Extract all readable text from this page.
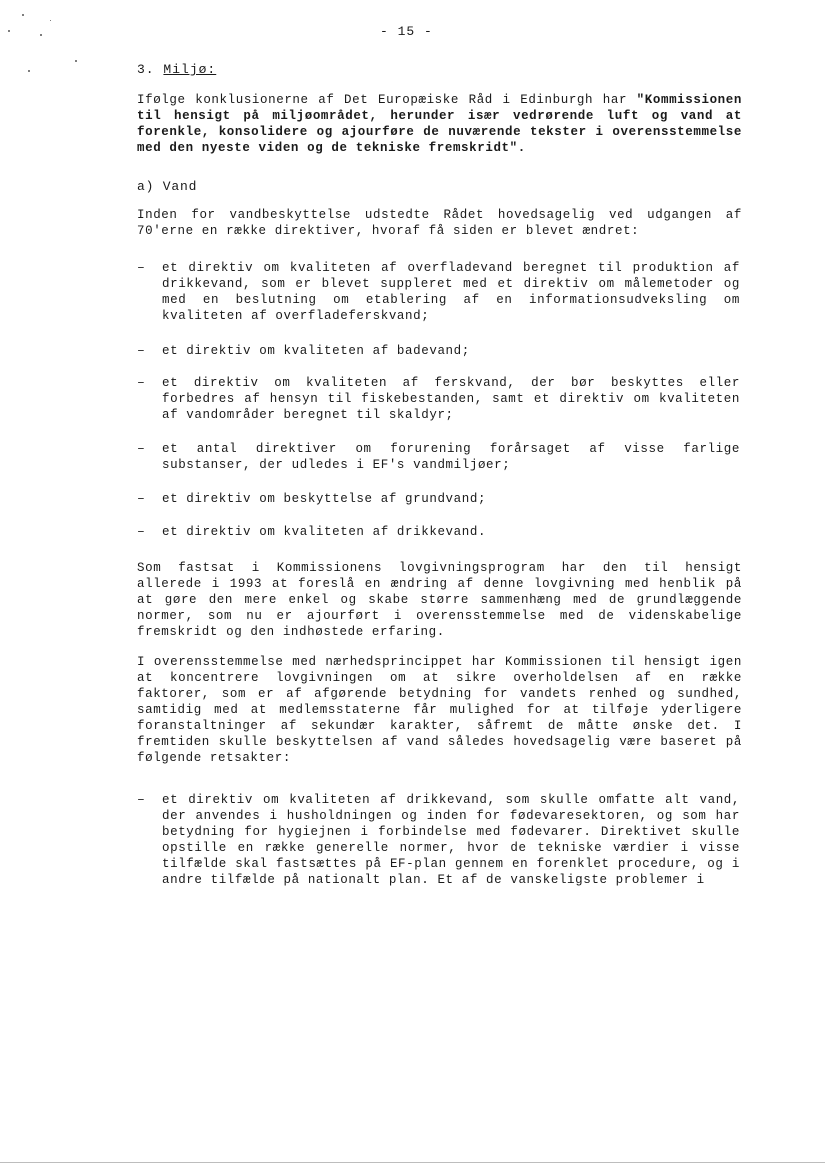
- 15 -
3. Miljø:
Ifølge konklusionerne af Det Europæiske Råd i Edinburgh har "Kommissionen til hensigt på miljøområdet, herunder især vedrørende luft og vand at forenkle, konsolidere og ajourføre de nuværende tekster i overensstemmelse med den nyeste viden og de tekniske fremskridt".
a) Vand
Inden for vandbeskyttelse udstedte Rådet hovedsagelig ved udgangen af 70'erne en række direktiver, hvoraf få siden er blevet ændret:
– et direktiv om kvaliteten af overfladevand beregnet til produktion af drikkevand, som er blevet suppleret med et direktiv om målemetoder og med en beslutning om etablering af en informationsudveksling om kvaliteten af overfladeferskvand;
– et direktiv om kvaliteten af badevand;
– et direktiv om kvaliteten af ferskvand, der bør beskyttes eller forbedres af hensyn til fiskebestanden, samt et direktiv om kvaliteten af vandområder beregnet til skaldyr;
– et antal direktiver om forurening forårsaget af visse farlige substanser, der udledes i EF's vandmiljøer;
– et direktiv om beskyttelse af grundvand;
– et direktiv om kvaliteten af drikkevand.
Som fastsat i Kommissionens lovgivningsprogram har den til hensigt allerede i 1993 at foreslå en ændring af denne lovgivning med henblik på at gøre den mere enkel og skabe større sammenhæng med de grundlæggende normer, som nu er ajourført i overensstemmelse med de videnskabelige fremskridt og den indhøstede erfaring.
I overensstemmelse med nærhedsprincippet har Kommissionen til hensigt igen at koncentrere lovgivningen om at sikre overholdelsen af en række faktorer, som er af afgørende betydning for vandets renhed og sundhed, samtidig med at medlemsstaterne får mulighed for at tilføje yderligere foranstaltninger af sekundær karakter, såfremt de måtte ønske det. I fremtiden skulle beskyttelsen af vand således hovedsagelig være baseret på følgende retsakter:
– et direktiv om kvaliteten af drikkevand, som skulle omfatte alt vand, der anvendes i husholdningen og inden for fødevaresektoren, og som har betydning for hygiejnen i forbindelse med fødevarer. Direktivet skulle opstille en række generelle normer, hvor de tekniske værdier i visse tilfælde skal fastsættes på EF-plan gennem en forenklet procedure, og i andre tilfælde på nationalt plan. Et af de vanskeligste problemer i
